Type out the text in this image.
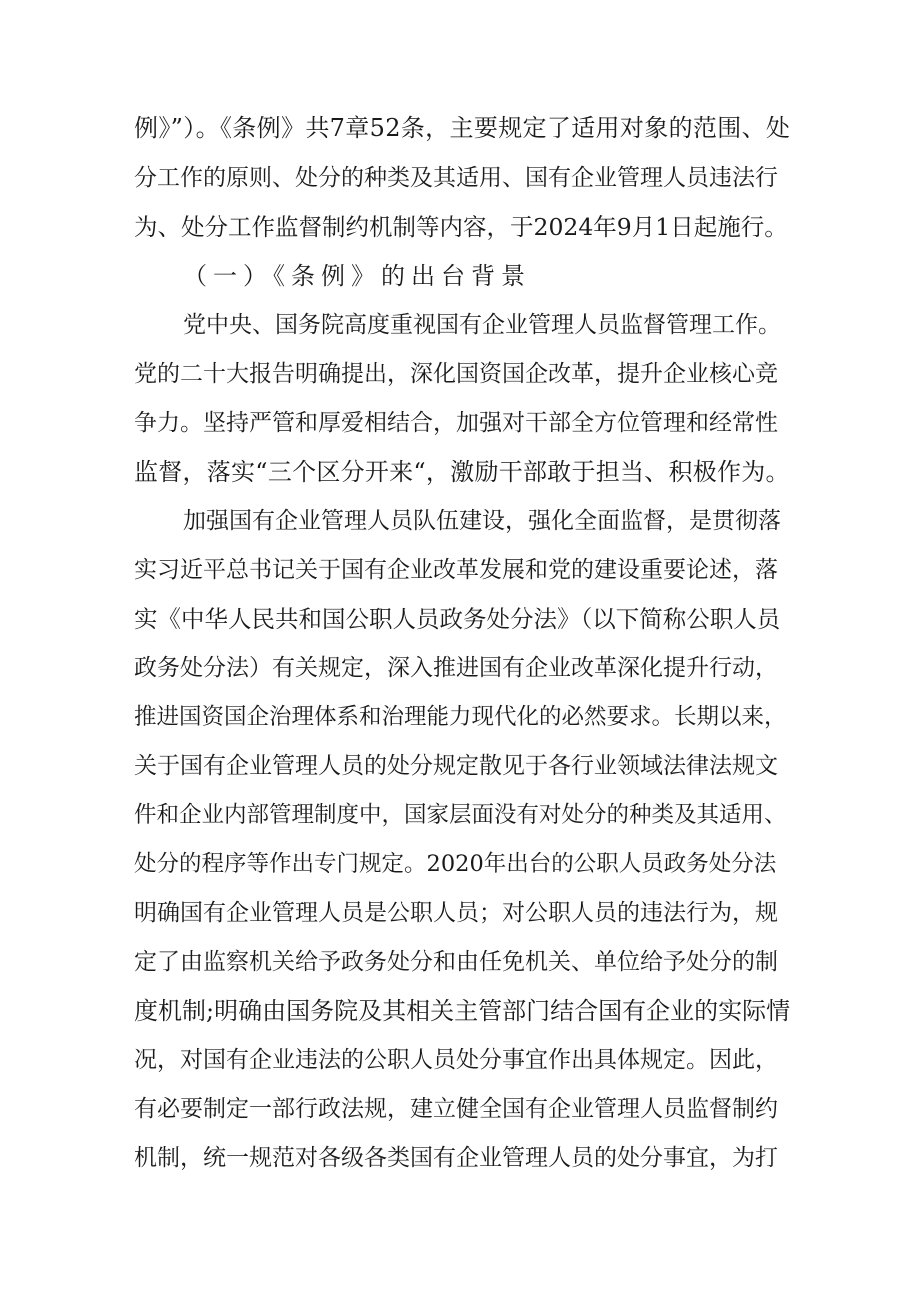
例》”）。《条例》共7章52条，主要规定了适用对象的范围、处
分工作的原则、处分的种类及其适用、国有企业管理人员违法行
为、处分工作监督制约机制等内容，于2024年9月1日起施行。
（一）《条例》的出台背景
党中央、国务院高度重视国有企业管理人员监督管理工作。
党的二十大报告明确提出，深化国资国企改革，提升企业核心竞
争力。坚持严管和厚爱相结合，加强对干部全方位管理和经常性
监督，落实“三个区分开来“，激励干部敢于担当、积极作为。
加强国有企业管理人员队伍建设，强化全面监督，是贯彻落
实习近平总书记关于国有企业改革发展和党的建设重要论述，落
实《中华人民共和国公职人员政务处分法》（以下简称公职人员
政务处分法）有关规定，深入推进国有企业改革深化提升行动，
推进国资国企治理体系和治理能力现代化的必然要求。长期以来，
关于国有企业管理人员的处分规定散见于各行业领域法律法规文
件和企业内部管理制度中，国家层面没有对处分的种类及其适用、
处分的程序等作出专门规定。2020年出台的公职人员政务处分法
明确国有企业管理人员是公职人员；对公职人员的违法行为，规
定了由监察机关给予政务处分和由任免机关、单位给予处分的制
度机制;明确由国务院及其相关主管部门结合国有企业的实际情
况，对国有企业违法的公职人员处分事宜作出具体规定。因此，
有必要制定一部行政法规，建立健全国有企业管理人员监督制约
机制，统一规范对各级各类国有企业管理人员的处分事宜，为打
